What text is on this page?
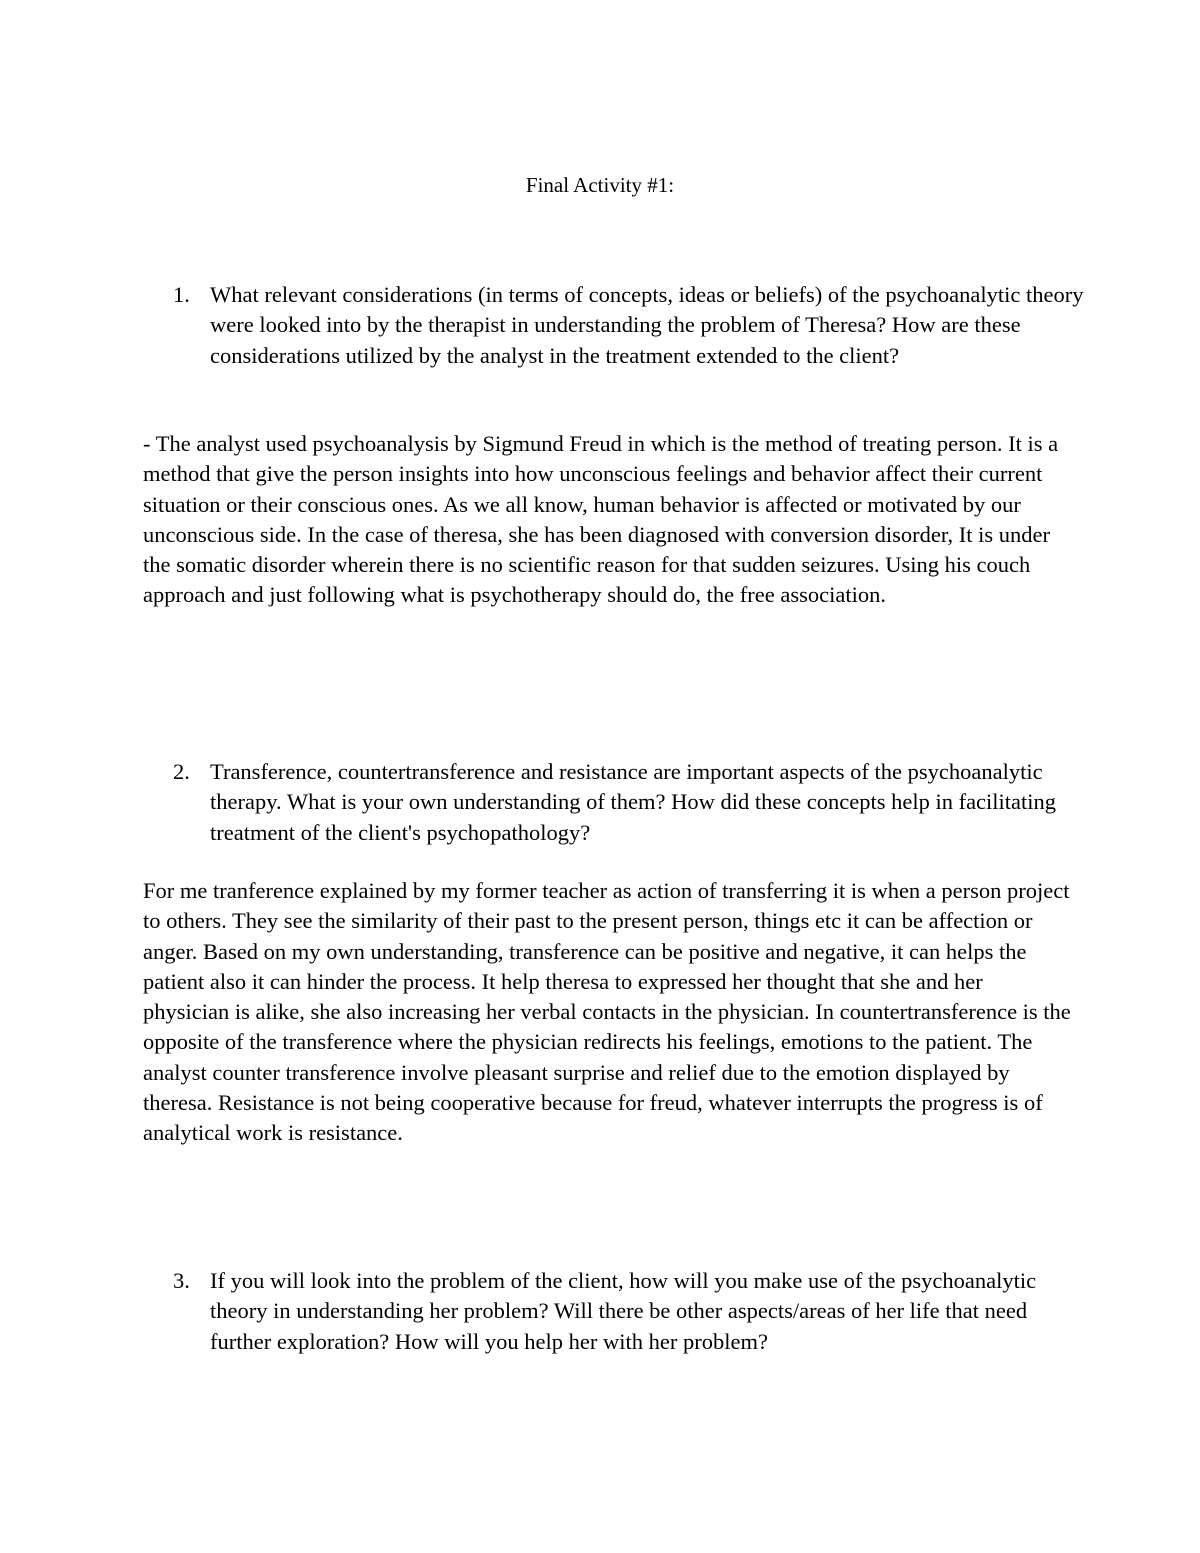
Final Activity #1:
1. What relevant considerations (in terms of concepts, ideas or beliefs) of the psychoanalytic theory were looked into by the therapist in understanding the problem of Theresa? How are these considerations utilized by the analyst in the treatment extended to the client?

- The analyst used psychoanalysis by Sigmund Freud in which is the method of treating person. It is a method that give the person insights into how unconscious feelings and behavior affect their current situation or their conscious ones. As we all know, human behavior is affected or motivated by our unconscious side. In the case of theresa, she has been diagnosed with conversion disorder, It is under the somatic disorder wherein there is no scientific reason for that sudden seizures. Using his couch approach and just following what is psychotherapy should do, the free association.

2. Transference, countertransference and resistance are important aspects of the psychoanalytic therapy. What is your own understanding of them? How did these concepts help in facilitating treatment of the client's psychopathology?

For me tranference explained by my former teacher as action of transferring it is when a person project to others. They see the similarity of their past to the present person, things etc it can be affection or anger. Based on my own understanding, transference can be positive and negative, it can helps the patient also it can hinder the process. It help theresa to expressed her thought that she and her physician is alike, she also increasing her verbal contacts in the physician. In countertransference is the opposite of the transference where the physician redirects his feelings, emotions to the patient. The analyst counter transference involve pleasant surprise and relief due to the emotion displayed by theresa. Resistance is not being cooperative because for freud, whatever interrupts the progress is of analytical work is resistance.

3. If you will look into the problem of the client, how will you make use of the psychoanalytic theory in understanding her problem? Will there be other aspects/areas of her life that need further exploration? How will you help her with her problem?
